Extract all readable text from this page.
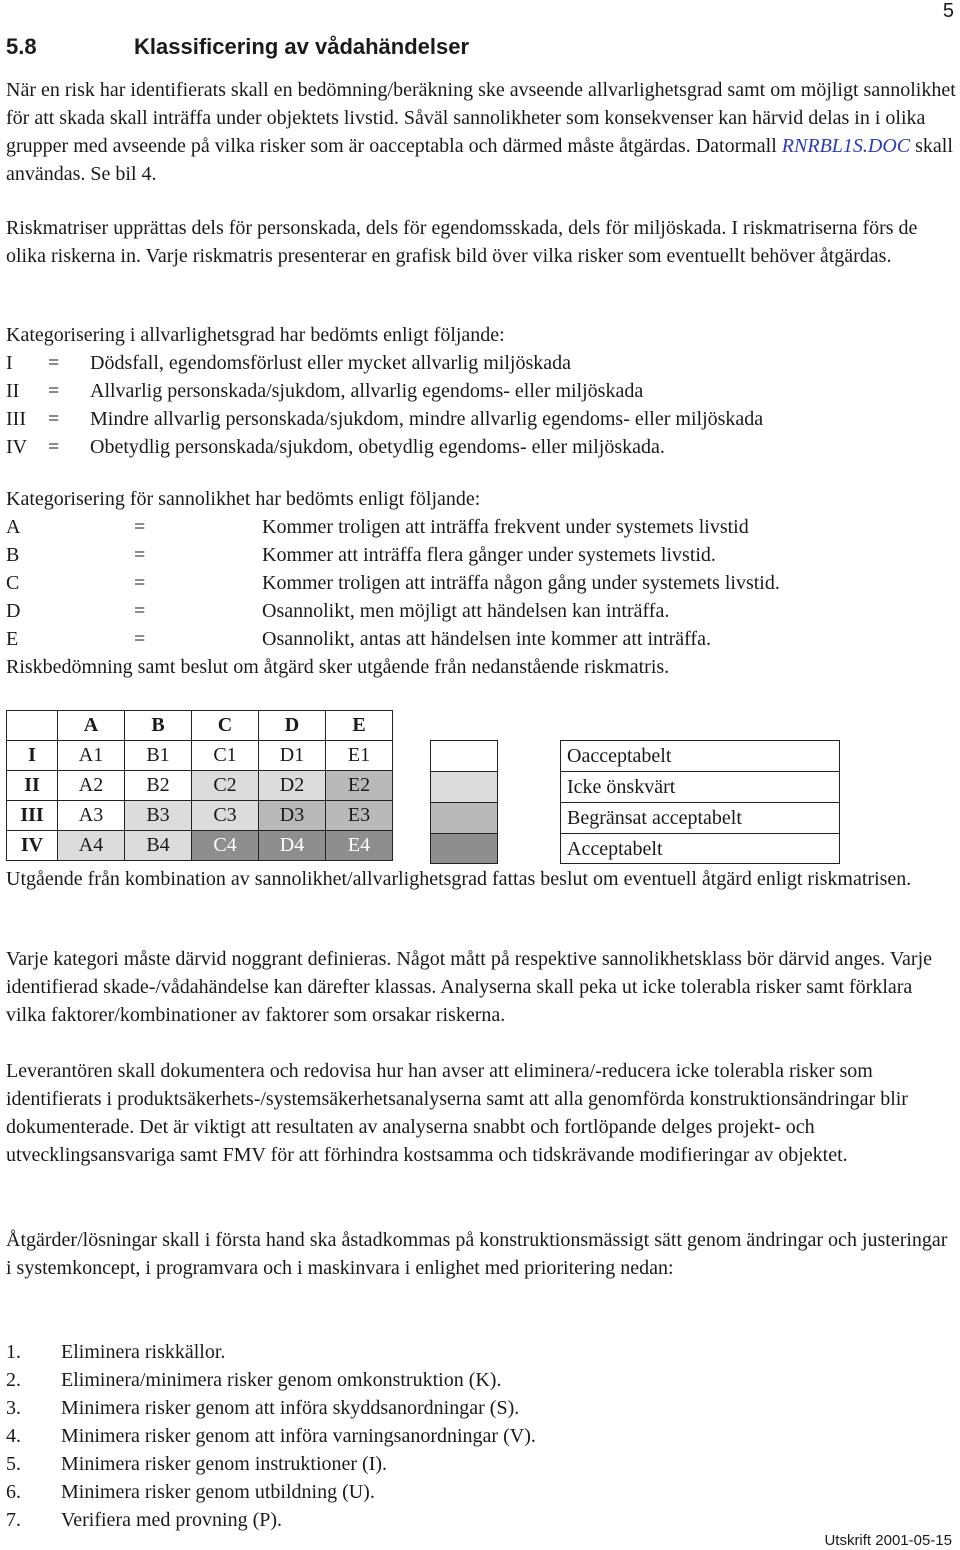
5
5.8	Klassificering av vådahändelser
När en risk har identifierats skall en bedömning/beräkning ske avseende allvarlighetsgrad samt om möjligt sannolikhet för att skada skall inträffa under objektets livstid. Såväl sannolikheter som konsekvenser kan härvid delas in i olika grupper med avseende på vilka risker som är oacceptabla och därmed måste åtgärdas. Datormall RNRBL1S.DOC skall användas. Se bil 4.
Riskmatriser upprättas dels för personskada, dels för egendomsskada, dels för miljöskada. I riskmatriserna förs de olika riskerna in. Varje riskmatris presenterar en grafisk bild över vilka risker som eventuellt behöver åtgärdas.
Kategorisering i allvarlighetsgrad har bedömts enligt följande:
I = Dödsfall, egendomsförlust eller mycket allvarlig miljöskada
II = Allvarlig personskada/sjukdom, allvarlig egendoms- eller miljöskada
III = Mindre allvarlig personskada/sjukdom, mindre allvarlig egendoms- eller miljöskada
IV = Obetydlig personskada/sjukdom, obetydlig egendoms- eller miljöskada.
Kategorisering för sannolikhet har bedömts enligt följande:
A	=	Kommer troligen att inträffa frekvent under systemets livstid
B	=	Kommer att inträffa flera gånger under systemets livstid.
C	=	Kommer troligen att inträffa någon gång under systemets livstid.
D	=	Osannolikt, men möjligt att händelsen kan inträffa.
E	=	Osannolikt, antas att händelsen inte kommer att inträffa.
Riskbedömning samt beslut om åtgärd sker utgående från nedanstående riskmatris.
	A	B	C	D	E
I	A1	B1	C1	D1	E1
II	A2	B2	C2	D2	E2
III	A3	B3	C3	D3	E3
IV	A4	B4	C4	D4	E4
Oacceptabelt
Icke önskvärt
Begränsat acceptabelt
Acceptabelt
Utgående från kombination av sannolikhet/allvarlighetsgrad fattas beslut om eventuell åtgärd enligt riskmatrisen.
Varje kategori måste därvid noggrant definieras. Något mått på respektive sannolikhetsklass bör därvid anges. Varje identifierad skade-/vådahändelse kan därefter klassas. Analyserna skall peka ut icke tolerabla risker samt förklara vilka faktorer/kombinationer av faktorer som orsakar riskerna.
Leverantören skall dokumentera och redovisa hur han avser att eliminera/-reducera icke tolerabla risker som identifierats i produktsäkerhets-/systemsäkerhetsanalyserna samt att alla genomförda konstruktionsändringar blir dokumenterade. Det är viktigt att resultaten av analyserna snabbt och fortlöpande delges projekt- och utvecklingsansvariga samt FMV för att förhindra kostsamma och tidskrävande modifieringar av objektet.
Åtgärder/lösningar skall i första hand ska åstadkommas på konstruktionsmässigt sätt genom ändringar och justeringar i systemkoncept, i programvara och i maskinvara i enlighet med prioritering nedan:
1. Eliminera riskkällor.
2. Eliminera/minimera risker genom omkonstruktion (K).
3. Minimera risker genom att införa skyddsanordningar (S).
4. Minimera risker genom att införa varningsanordningar (V).
5. Minimera risker genom instruktioner (I).
6. Minimera risker genom utbildning (U).
7. Verifiera med provning (P).
Utskrift 2001-05-15
